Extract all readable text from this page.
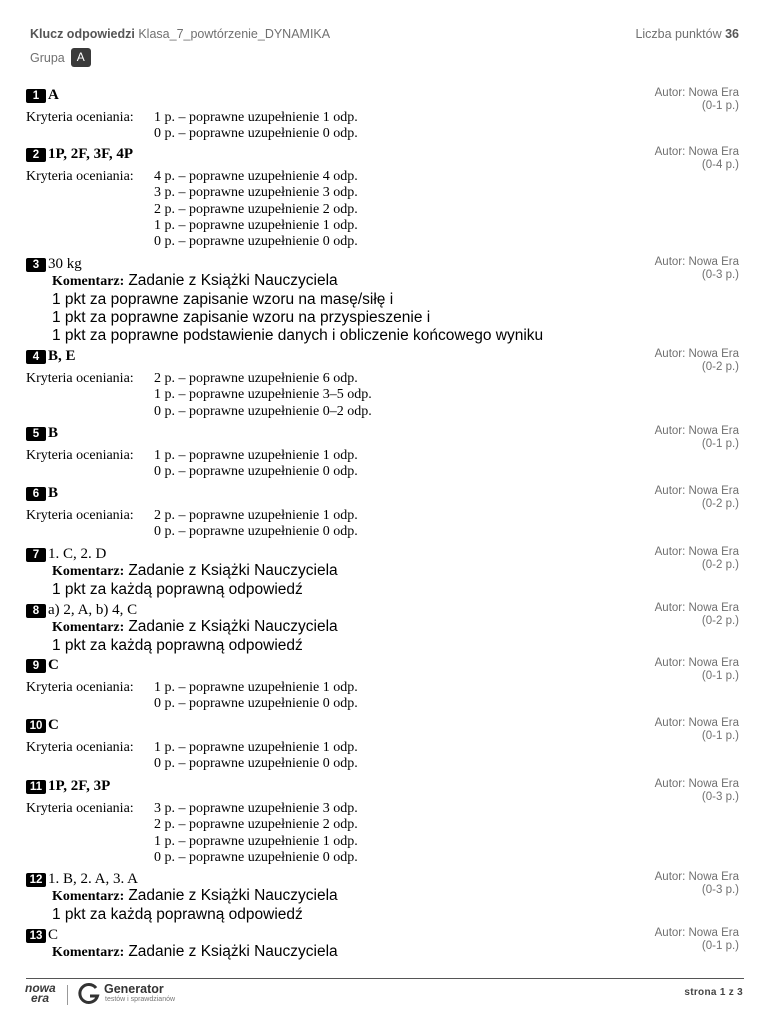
Klucz odpowiedzi Klasa_7_powtórzenie_DYNAMIKA	Liczba punktów 36
Grupa A
1 A	Autor: Nowa Era
(0-1 p.)
Kryteria oceniania:	1 p. – poprawne uzupełnienie 1 odp.
0 p. – poprawne uzupełnienie 0 odp.
2 1P, 2F, 3F, 4P	Autor: Nowa Era
(0-4 p.)
Kryteria oceniania:	4 p. – poprawne uzupełnienie 4 odp.
3 p. – poprawne uzupełnienie 3 odp.
2 p. – poprawne uzupełnienie 2 odp.
1 p. – poprawne uzupełnienie 1 odp.
0 p. – poprawne uzupełnienie 0 odp.
3 30 kg	Autor: Nowa Era
(0-3 p.)
Komentarz: Zadanie z Książki Nauczyciela
1 pkt za poprawne zapisanie wzoru na masę/siłę i
1 pkt za poprawne zapisanie wzoru na przyspieszenie i
1 pkt za poprawne podstawienie danych i obliczenie końcowego wyniku
4 B, E	Autor: Nowa Era
(0-2 p.)
Kryteria oceniania:	2 p. – poprawne uzupełnienie 6 odp.
1 p. – poprawne uzupełnienie 3–5 odp.
0 p. – poprawne uzupełnienie 0–2 odp.
5 B	Autor: Nowa Era
(0-1 p.)
Kryteria oceniania:	1 p. – poprawne uzupełnienie 1 odp.
0 p. – poprawne uzupełnienie 0 odp.
6 B	Autor: Nowa Era
(0-2 p.)
Kryteria oceniania:	2 p. – poprawne uzupełnienie 1 odp.
0 p. – poprawne uzupełnienie 0 odp.
7 1. C, 2. D	Autor: Nowa Era
(0-2 p.)
Komentarz: Zadanie z Książki Nauczyciela
1 pkt za każdą poprawną odpowiedź
8 a) 2, A, b) 4, C	Autor: Nowa Era
(0-2 p.)
Komentarz: Zadanie z Książki Nauczyciela
1 pkt za każdą poprawną odpowiedź
9 C	Autor: Nowa Era
(0-1 p.)
Kryteria oceniania:	1 p. – poprawne uzupełnienie 1 odp.
0 p. – poprawne uzupełnienie 0 odp.
10 C	Autor: Nowa Era
(0-1 p.)
Kryteria oceniania:	1 p. – poprawne uzupełnienie 1 odp.
0 p. – poprawne uzupełnienie 0 odp.
11 1P, 2F, 3P	Autor: Nowa Era
(0-3 p.)
Kryteria oceniania:	3 p. – poprawne uzupełnienie 3 odp.
2 p. – poprawne uzupełnienie 2 odp.
1 p. – poprawne uzupełnienie 1 odp.
0 p. – poprawne uzupełnienie 0 odp.
12 1. B, 2. A, 3. A	Autor: Nowa Era
(0-3 p.)
Komentarz: Zadanie z Książki Nauczyciela
1 pkt za każdą poprawną odpowiedź
13 C	Autor: Nowa Era
(0-1 p.)
Komentarz: Zadanie z Książki Nauczyciela
nowa
era
Generator
testów i sprawdzianów
strona 1 z 3
